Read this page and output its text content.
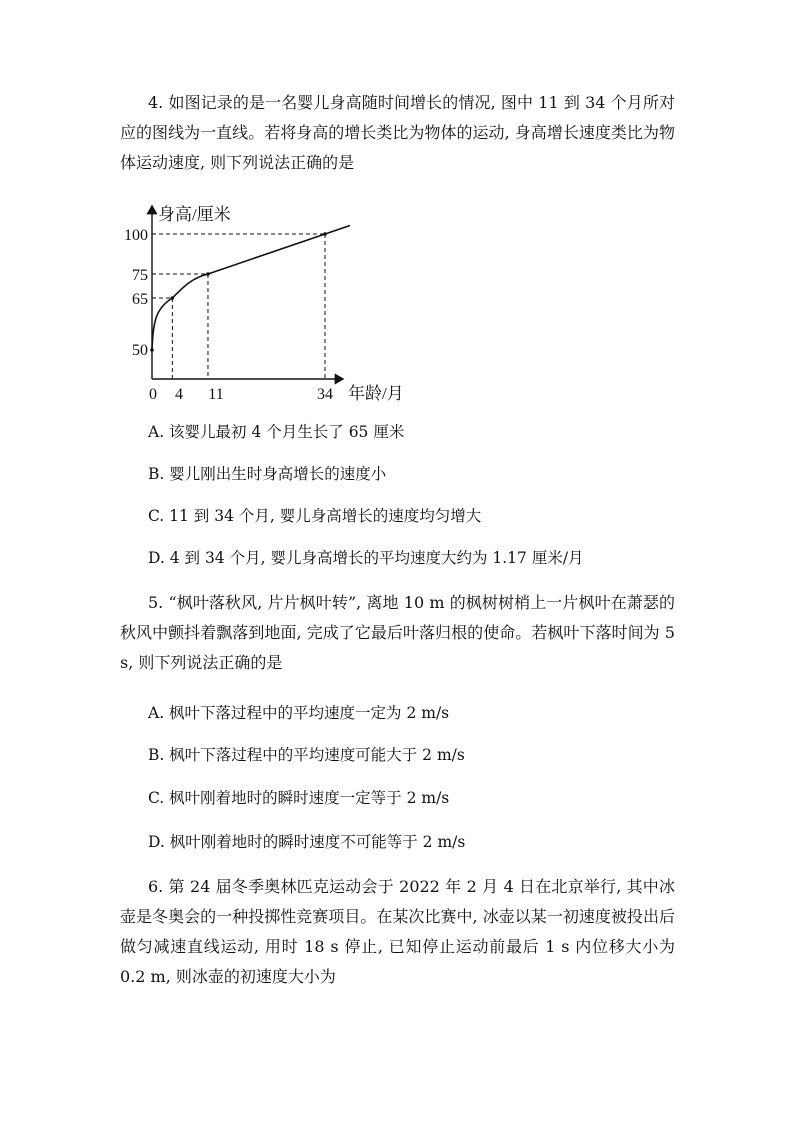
4. 如图记录的是一名婴儿身高随时间增长的情况, 图中 11 到 34 个月所对应的图线为一直线。若将身高的增长类比为物体的运动, 身高增长速度类比为物体运动速度, 则下列说法正确的是
身高/厘米
年龄/月
50
65
75
100
0 4 11	34
A. 该婴儿最初 4 个月生长了 65 厘米
B. 婴儿刚出生时身高增长的速度小
C. 11 到 34 个月, 婴儿身高增长的速度均匀增大
D. 4 到 34 个月, 婴儿身高增长的平均速度大约为 1.17 厘米/月
5. “枫叶落秋风, 片片枫叶转”, 离地 10 m 的枫树树梢上一片枫叶在萧瑟的秋风中颤抖着飘落到地面, 完成了它最后叶落归根的使命。若枫叶下落时间为 5 s, 则下列说法正确的是
A. 枫叶下落过程中的平均速度一定为 2 m/s
B. 枫叶下落过程中的平均速度可能大于 2 m/s
C. 枫叶刚着地时的瞬时速度一定等于 2 m/s
D. 枫叶刚着地时的瞬时速度不可能等于 2 m/s
6. 第 24 届冬季奥林匹克运动会于 2022 年 2 月 4 日在北京举行, 其中冰壶是冬奥会的一种投掷性竞赛项目。在某次比赛中, 冰壶以某一初速度被投出后做匀减速直线运动, 用时 18 s 停止, 已知停止运动前最后 1 s 内位移大小为 0.2 m, 则冰壶的初速度大小为
